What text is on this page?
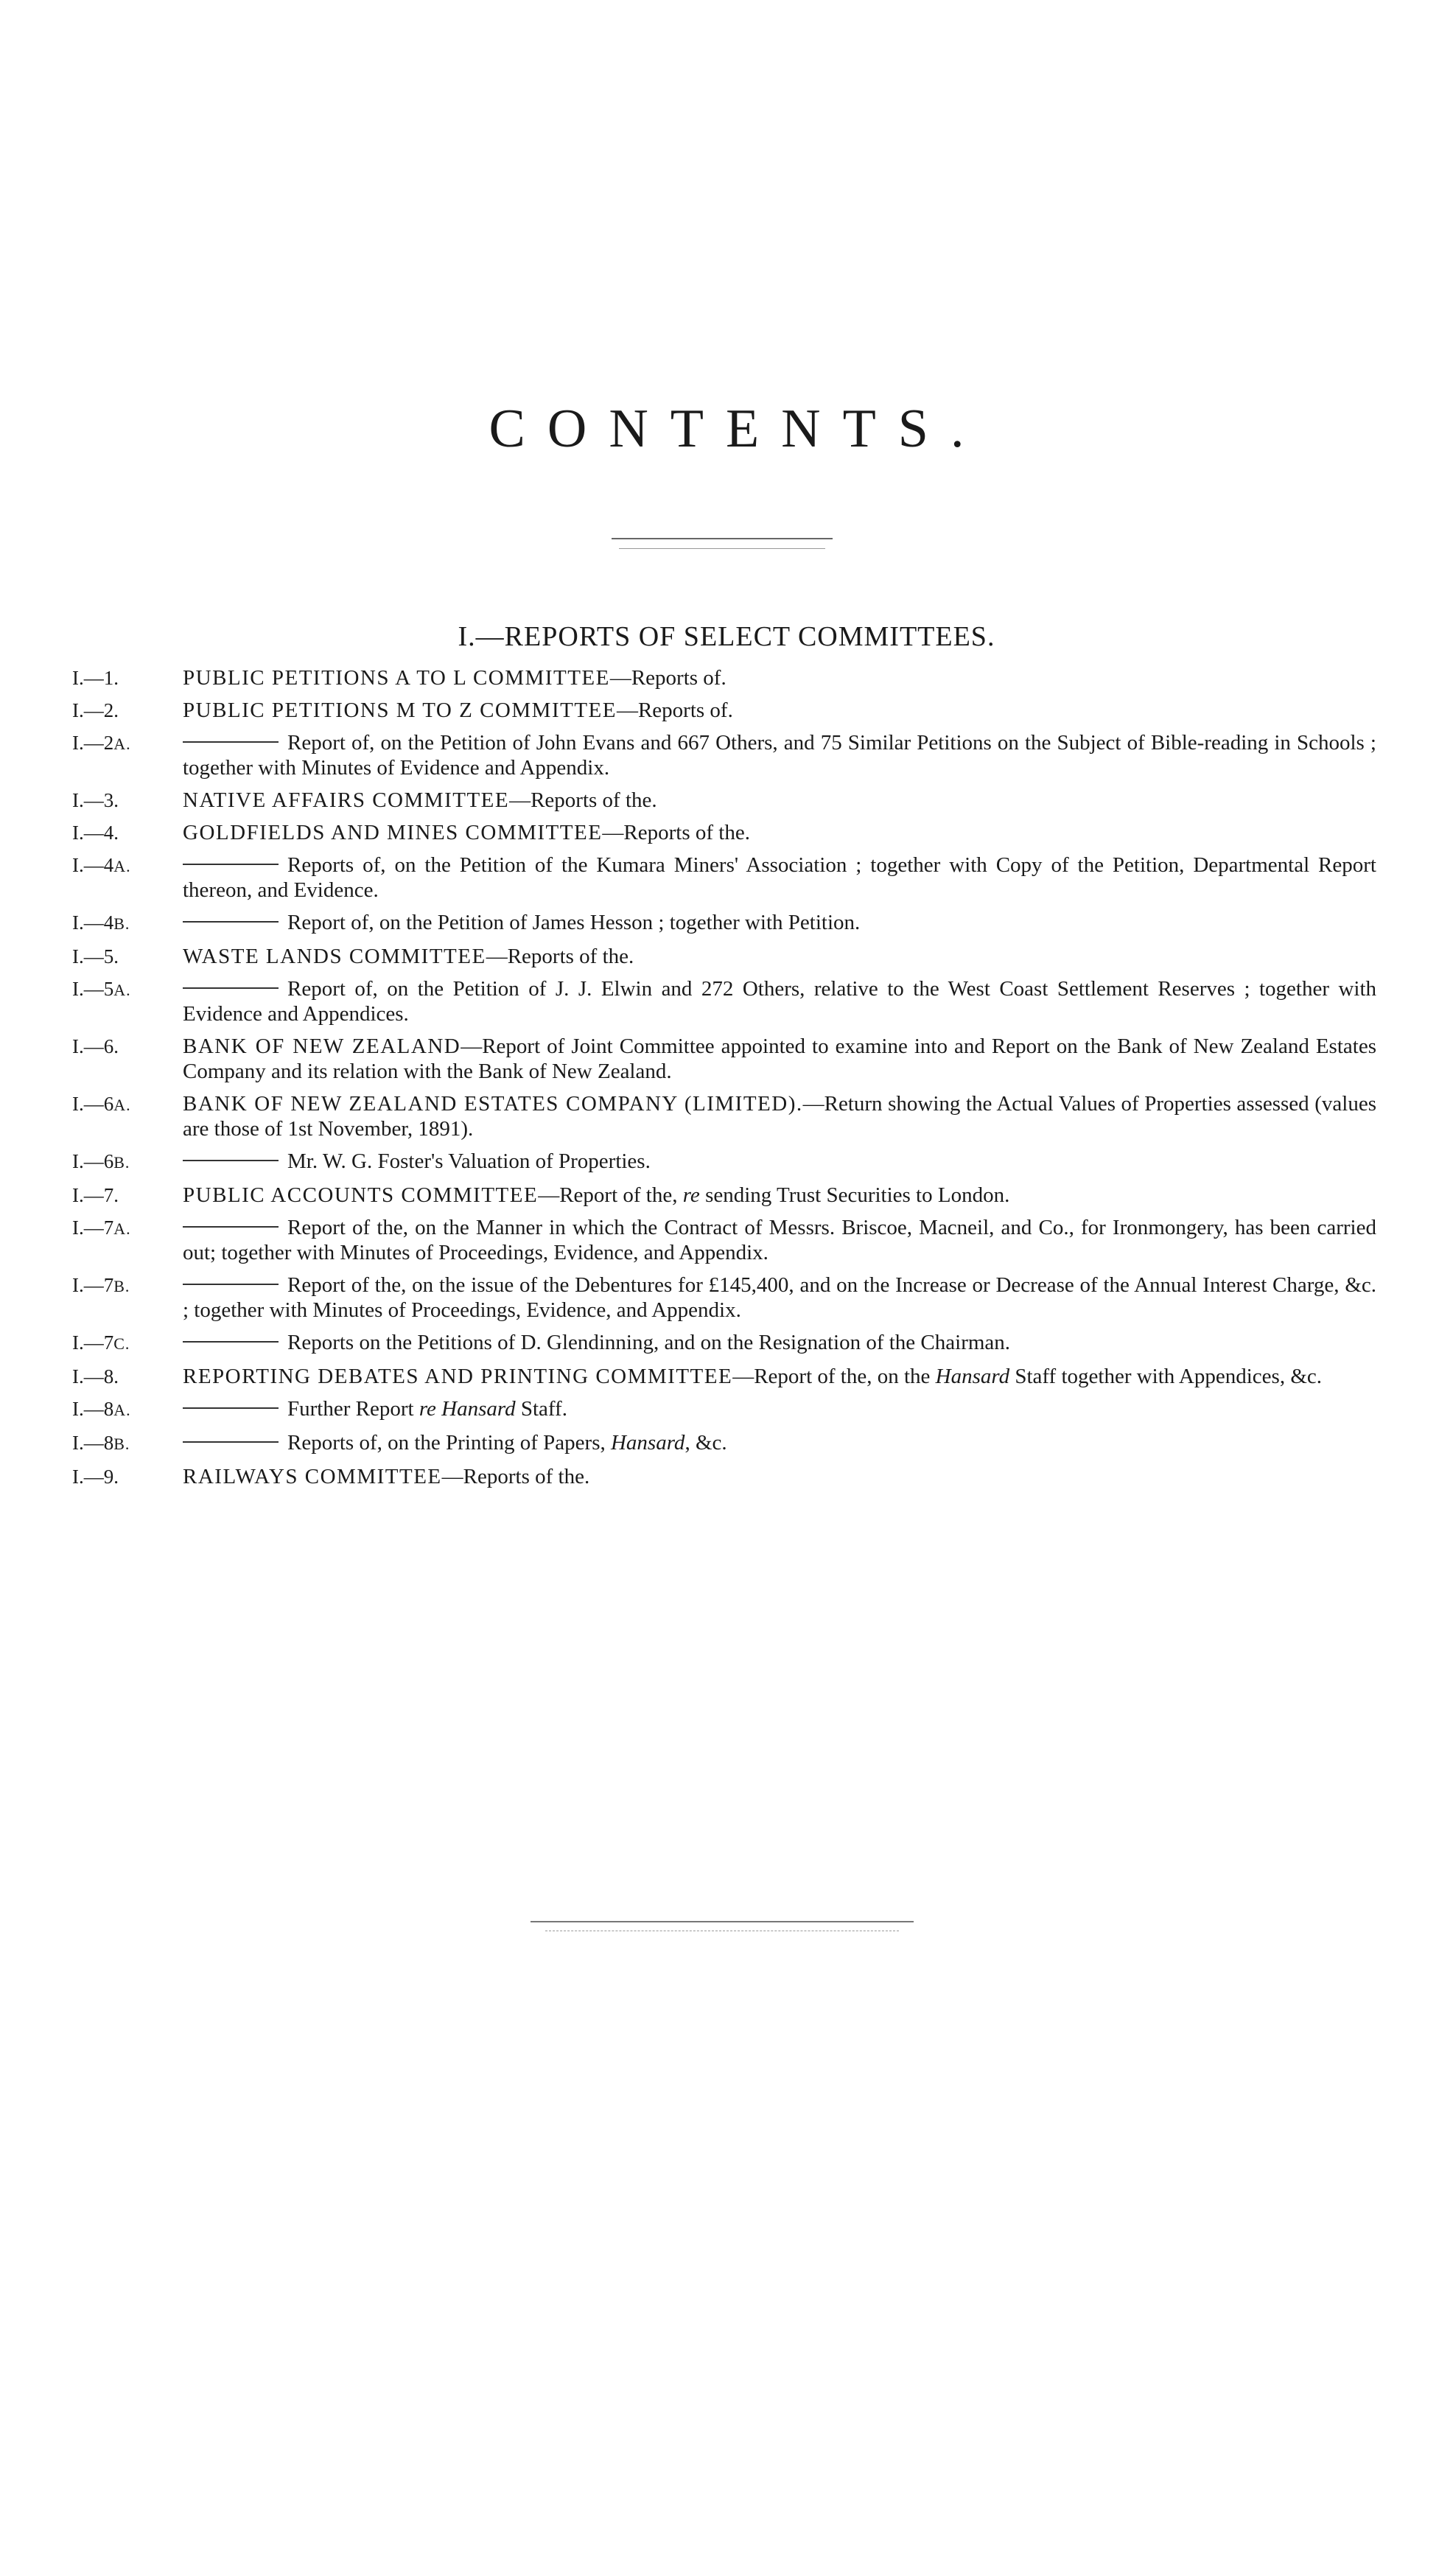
CONTENTS.
I.—REPORTS OF SELECT COMMITTEES.
I.—1.	PUBLIC PETITIONS A TO L COMMITTEE—Reports of.
I.—2.	PUBLIC PETITIONS M TO Z COMMITTEE—Reports of.
I.—2A.	Report of, on the Petition of John Evans and 667 Others, and 75 Similar Petitions on the Subject of Bible-reading in Schools ; together with Minutes of Evidence and Appendix.
I.—3.	NATIVE AFFAIRS COMMITTEE—Reports of the.
I.—4.	GOLDFIELDS AND MINES COMMITTEE—Reports of the.
I.—4A.	Reports of, on the Petition of the Kumara Miners' Association ; together with Copy of the Petition, Departmental Report thereon, and Evidence.
I.—4B.	Report of, on the Petition of James Hesson ; together with Petition.
I.—5.	WASTE LANDS COMMITTEE—Reports of the.
I.—5A.	Report of, on the Petition of J. J. Elwin and 272 Others, relative to the West Coast Settlement Reserves ; together with Evidence and Appendices.
I.—6.	BANK OF NEW ZEALAND—Report of Joint Committee appointed to examine into and Report on the Bank of New Zealand Estates Company and its relation with the Bank of New Zealand.
I.—6A.	BANK OF NEW ZEALAND ESTATES COMPANY (LIMITED).—Return showing the Actual Values of Properties assessed (values are those of 1st November, 1891).
I.—6B.	Mr. W. G. Foster's Valuation of Properties.
I.—7.	PUBLIC ACCOUNTS COMMITTEE—Report of the, re sending Trust Securities to London.
I.—7A.	Report of the, on the Manner in which the Contract of Messrs. Briscoe, Macneil, and Co., for Ironmongery, has been carried out; together with Minutes of Proceedings, Evidence, and Appendix.
I.—7B.	Report of the, on the issue of the Debentures for £145,400, and on the Increase or Decrease of the Annual Interest Charge, &c. ; together with Minutes of Proceedings, Evidence, and Appendix.
I.—7C.	Reports on the Petitions of D. Glendinning, and on the Resignation of the Chairman.
I.—8.	REPORTING DEBATES AND PRINTING COMMITTEE—Report of the, on the Hansard Staff together with Appendices, &c.
I.—8A.	Further Report re Hansard Staff.
I.—8B.	Reports of, on the Printing of Papers, Hansard, &c.
I.—9.	RAILWAYS COMMITTEE—Reports of the.
